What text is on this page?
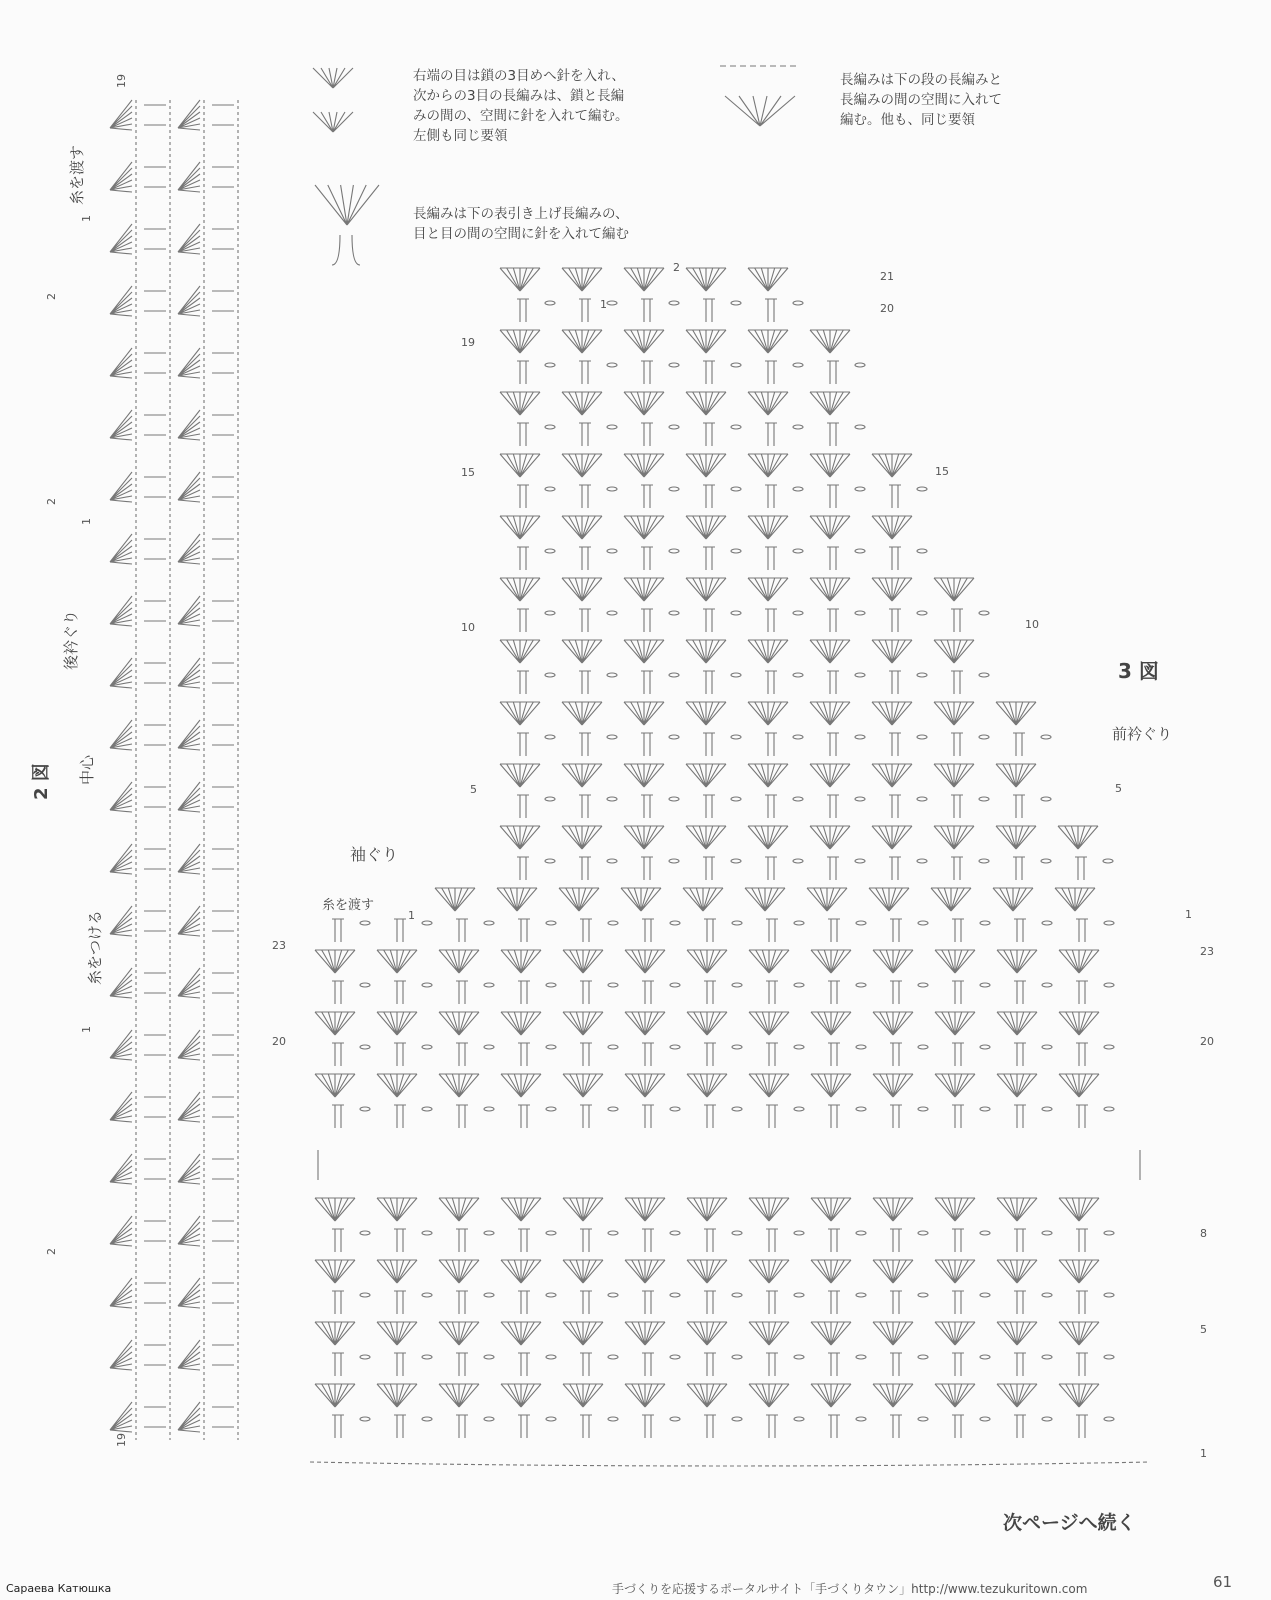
右端の目は鎖の3目めへ針を入れ、
次からの3目の長編みは、鎖と長編
みの間の、空間に針を入れて編む。
左側も同じ要領
長編みは下の段の長編みと
長編みの間の空間に入れて
編む。他も、同じ要領
長編みは下の表引き上げ長編みの、
目と目の間の空間に針を入れて編む
2 図 中心
後衿ぐり
糸を渡す
糸をつける
19
1
2
1
2
1
2
19
3 図
前衿ぐり
袖ぐり
糸を渡す
19
15
10
5
23
20
21
20
15
10
5
1
23
20
8
5
1
2
1
1
次ページへ続く
Сараева Катюшка	手づくりを応援するポータルサイト「手づくりタウン」http://www.tezukuritown.com	61
